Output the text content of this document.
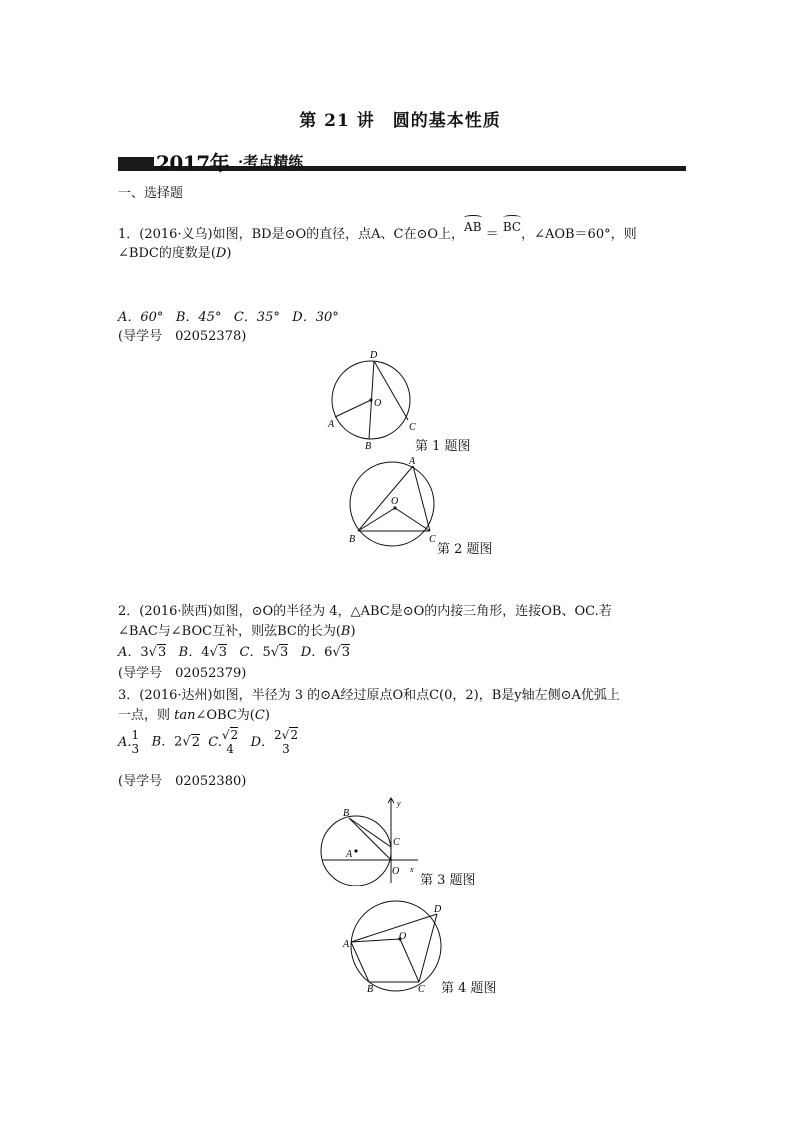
第 21 讲　圆的基本性质
2017年 ·考点精练
一、选择题
1．(2016·义乌)如图，BD是⊙O的直径，点A、C在⊙O上，
AB ＝ BC，∠AOB＝60°，则
∠BDC的度数是(D)
A．60° B．45° C．35° D．30°
(导学号　02052378)
D
O
A
B
C
第 1 题图
A
O
B	C
第 2 题图
2．(2016·陕西)如图，⊙O的半径为 4，△ABC是⊙O的内接三角形，连接OB、OC.若
∠BAC与∠BOC互补，则弦BC的长为(B)
A．3√3 B．4√3 C．5√3 D．6√3
(导学号　02052379)
3．(2016·达州)如图，半径为 3 的⊙A经过原点O和点C(0，2)，B是y轴左侧⊙A优弧上
一点，则 tan∠OBC为(C)
A. 1
3 B．2√2 C. √2
4	D． 2√2
3
(导学号　02052380)
B
C
A
O
y
x
第 3 题图
D
O
A
B	C 第 4 题图
